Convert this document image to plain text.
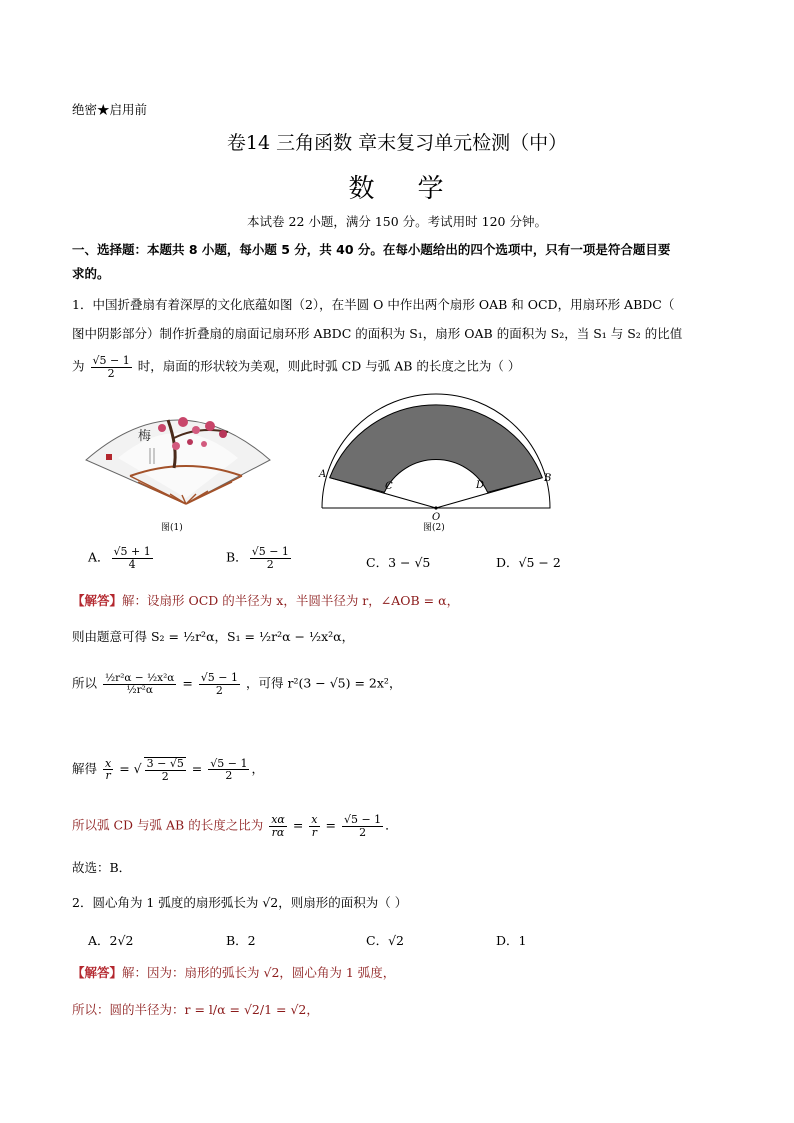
绝密★启用前
卷14 三角函数 章末复习单元检测（中）
数    学
本试卷 22 小题，满分 150 分。考试用时 120 分钟。
一、选择题：本题共 8 小题，每小题 5 分，共 40 分。在每小题给出的四个选项中，只有一项是符合题目要
求的。
1．中国折叠扇有着深厚的文化底蕴如图（2），在半圆 O 中作出两个扇形 OAB 和 OCD，用扇环形 ABDC（
图中阴影部分）制作折叠扇的扇面记扇环形 ABDC 的面积为 S₁，扇形 OAB 的面积为 S₂，当 S₁ 与 S₂ 的比值
为 $\frac{√5 - 1}{2}$ 时，扇面的形状较为美观，则此时弧 CD 与弧 AB 的长度之比为（ ）
梅
图(1)
A	B
C	D
O
图(2)
A． $\frac{√5 + 1}{4}$	B． $\frac{√5 - 1}{2}$	C．3 − √5	D．√5 − 2
【解答】解：设扇形 OCD 的半径为 x，半圆半径为 r，∠AOB = α，
则由题意可得 S₂ = ½r²α，S₁ = ½r²α − ½x²α，
所以 $\frac{\text{½r²α − ½x²α}}{\text{½r²α}} = \frac{√5 - 1}{2}$ ，可得 r²(3 − √5) = 2x²，
解得 $\frac{x}{r}$ = √ $\frac{3 - √5}{2} = \frac{√5 - 1}{2}$ ，
所以弧 CD 与弧 AB 的长度之比为 $\frac{x\alpha}{r\alpha} = \frac{x}{r} = \frac{√5 - 1}{2}$ ．
故选：B．
2．圆心角为 1 弧度的扇形弧长为 √2，则扇形的面积为（ ）
A．2√2	B．2	C．√2	D．1
【解答】解：因为：扇形的弧长为 √2，圆心角为 1 弧度，
所以：圆的半径为：r = l/α = √2/1 = √2，
